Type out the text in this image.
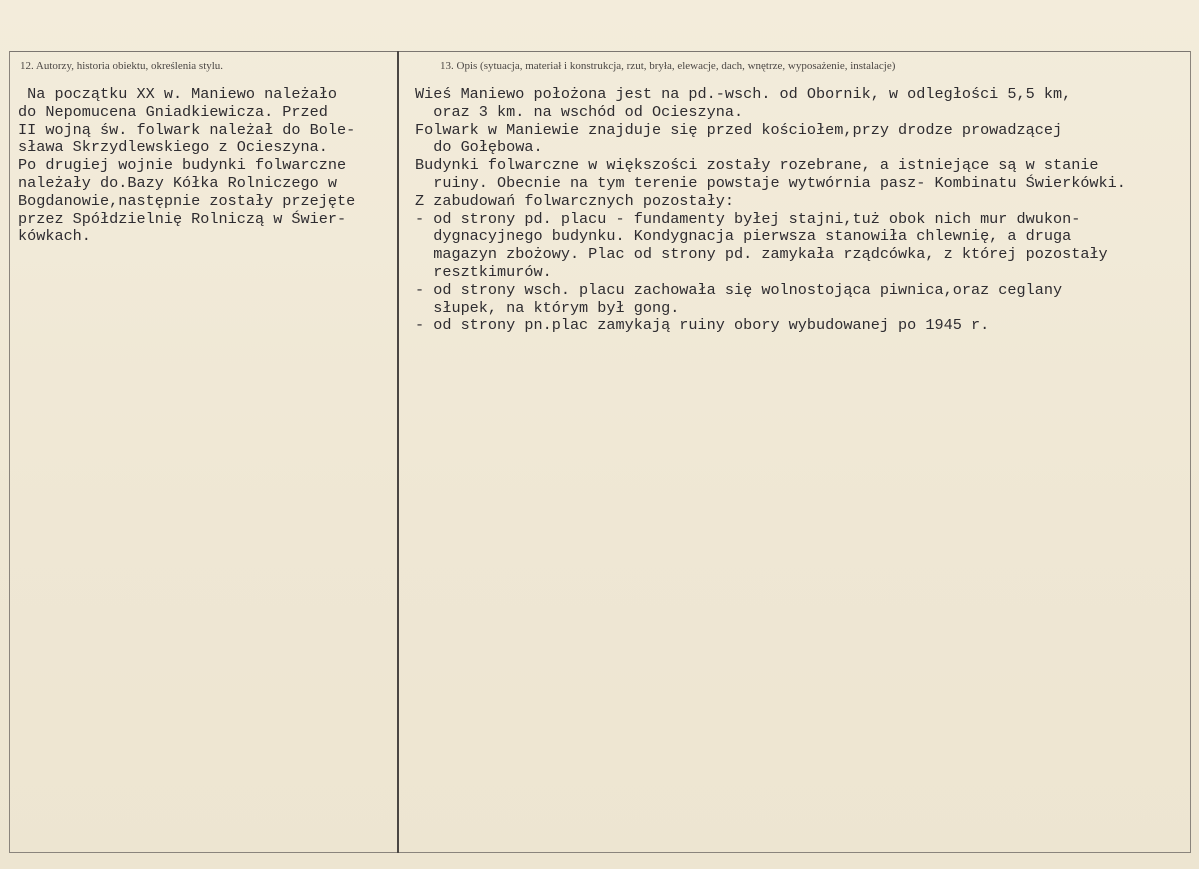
12. Autorzy, historia obiektu, określenia stylu.	13. Opis (sytuacja, materiał i konstrukcja, rzut, bryła, elewacje, dach, wnętrze, wyposażenie, instalacje)
Na początku XX w. Maniewo należało
do Nepomucena Gniadkiewicza. Przed
II wojną św. folwark należał do Bole-
sława Skrzydlewskiego z Ocieszyna.
Po drugiej wojnie budynki folwarczne
należały do.Bazy Kółka Rolniczego w
Bogdanowie,następnie zostały przejęte
przez Spółdzielnię Rolniczą w Świer-
kówkach.
Wieś Maniewo położona jest na pd.-wsch. od Obornik, w odległości 5,5 km,
oraz 3 km. na wschód od Ocieszyna.
Folwark w Maniewie znajduje się przed kościołem,przy drodze prowadzącej
do Gołębowa.
Budynki folwarczne w większości zostały rozebrane, a istniejące są w stanie
ruiny. Obecnie na tym terenie powstaje wytwórnia pasz- Kombinatu Świerkówki.
Z zabudowań folwarcznych pozostały:
- od strony pd. placu - fundamenty byłej stajni,tuż obok nich mur dwukon-
dygnacyjnego budynku. Kondygnacja pierwsza stanowiła chlewnię, a druga
magazyn zbożowy. Plac od strony pd. zamykała rządcówka, z której pozostały
resztkimurów.
- od strony wsch. placu zachowała się wolnostojąca piwnica,oraz ceglany
słupek, na którym był gong.
- od strony pn.plac zamykają ruiny obory wybudowanej po 1945 r.
